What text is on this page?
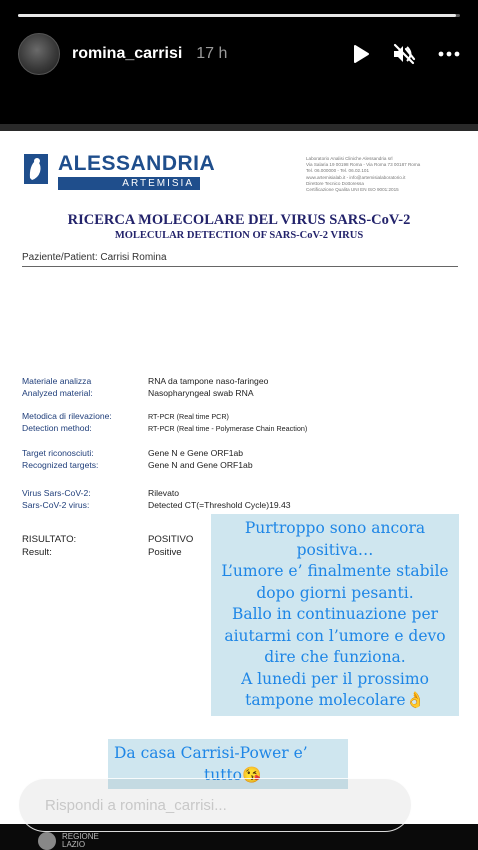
romina_carrisi 17 h
ALESSANDRIA
ARTEMISIA
Laboratorio Analisi Cliniche Alessandria srl
Via Salaria 19 00198 Roma - Via Roma 73 00187 Roma
Tel. 06.000000 - Tel. 06.02.101
www.artemisialab.it - info@artemisialaboratorio.it
Direttore Tecnico Dottoressa
Certificazione Qualita UNI EN ISO 9001:2015
RICERCA MOLECOLARE DEL VIRUS SARS-CoV-2
MOLECULAR DETECTION OF SARS-CoV-2 VIRUS
Paziente/Patient: Carrisi Romina
Materiale analizza	RNA da tampone naso-faringeo
Analyzed material:	Nasopharyngeal swab RNA
Metodica di rilevazione:	RT-PCR (Real time PCR)
Detection method:	RT-PCR (Real time - Polymerase Chain Reaction)
Target riconosciuti:	Gene N e Gene ORF1ab
Recognized targets:	Gene N and Gene ORF1ab
Virus Sars-CoV-2:	Rilevato
Sars-CoV-2 virus:	Detected CT(=Threshold Cycle)19.43
RISULTATO:	POSITIVO
Result:	Positive
Purtroppo sono ancora
positiva…
L’umore e’ finalmente stabile
dopo giorni pesanti.
Ballo in continuazione per
aiutarmi con l’umore e devo
dire che funziona.
A lunedi per il prossimo
tampone molecolare👌
Da casa Carrisi-Power e’
tutto😘
REGIONE
LAZIO
Rispondi a romina_carrisi...
